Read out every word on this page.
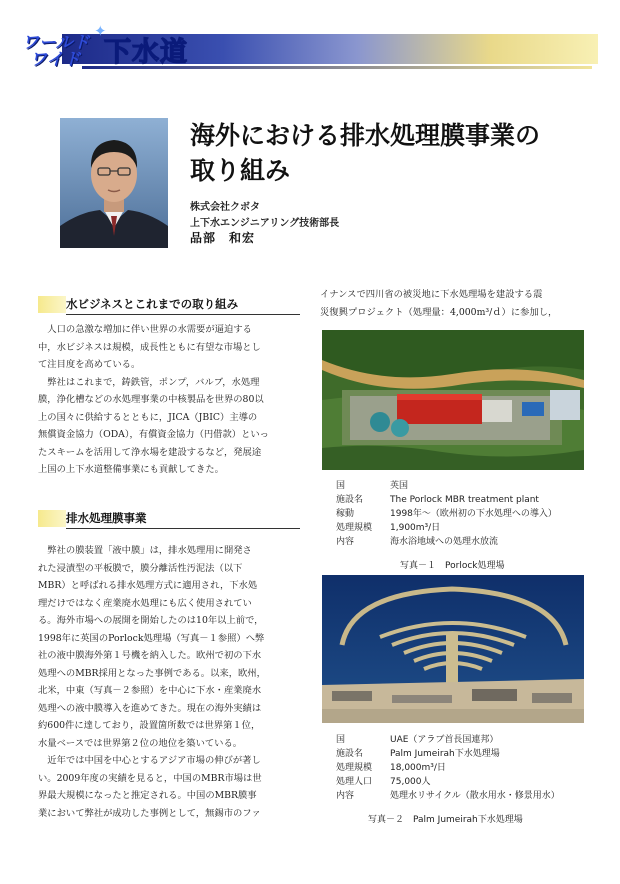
✦
ワールド
ワイド 下水道
海外における排水処理膜事業の
取り組み
株式会社クボタ
上下水エンジニアリング技術部長
品部　和宏
水ビジネスとこれまでの取り組み
　人口の急激な増加に伴い世界の水需要が逼迫する
中，水ビジネスは規模，成長性ともに有望な市場とし
て注目度を高めている。
　弊社はこれまで，鋳鉄管，ポンプ，バルブ，水処理
膜，浄化槽などの水処理事業の中核製品を世界の80以
上の国々に供給するとともに，JICA（JBIC）主導の
無償資金協力（ODA），有償資金協力（円借款）といっ
たスキームを活用して浄水場を建設するなど，発展途
上国の上下水道整備事業にも貢献してきた。
排水処理膜事業
　弊社の膜装置「液中膜」は，排水処理用に開発さ
れた浸漬型の平板膜で，膜分離活性汚泥法（以下
MBR）と呼ばれる排水処理方式に適用され，下水処
理だけではなく産業廃水処理にも広く使用されてい
る。海外市場への展開を開始したのは10年以上前で，
1998年に英国のPorlock処理場（写真－１参照）へ弊
社の液中膜海外第１号機を納入した。欧州で初の下水
処理へのMBR採用となった事例である。以来，欧州，
北米，中東（写真－２参照）を中心に下水・産業廃水
処理への液中膜導入を進めてきた。現在の海外実績は
約600件に達しており，設置箇所数では世界第１位，
水量ベースでは世界第２位の地位を築いている。
　近年では中国を中心とするアジア市場の伸びが著し
い。2009年度の実績を見ると，中国のMBR市場は世
界最大規模になったと推定される。中国のMBR膜事
業において弊社が成功した事例として，無錫市のファ
イナンスで四川省の被災地に下水処理場を建設する震
災復興プロジェクト（処理量：4,000m³/ｄ）に参加し，
国	英国
施設名	The Porlock MBR treatment plant
稼動	1998年～（欧州初の下水処理への導入）
処理規模 1,900m³/日
内容	海水浴地域への処理水放流
写真－１　Porlock処理場
国	UAE（アラブ首長国連邦）
施設名	Palm Jumeirah下水処理場
処理規模 18,000m³/日
処理人口 75,000人
内容	処理水リサイクル（散水用水・修景用水）
写真－２　Palm Jumeirah下水処理場
